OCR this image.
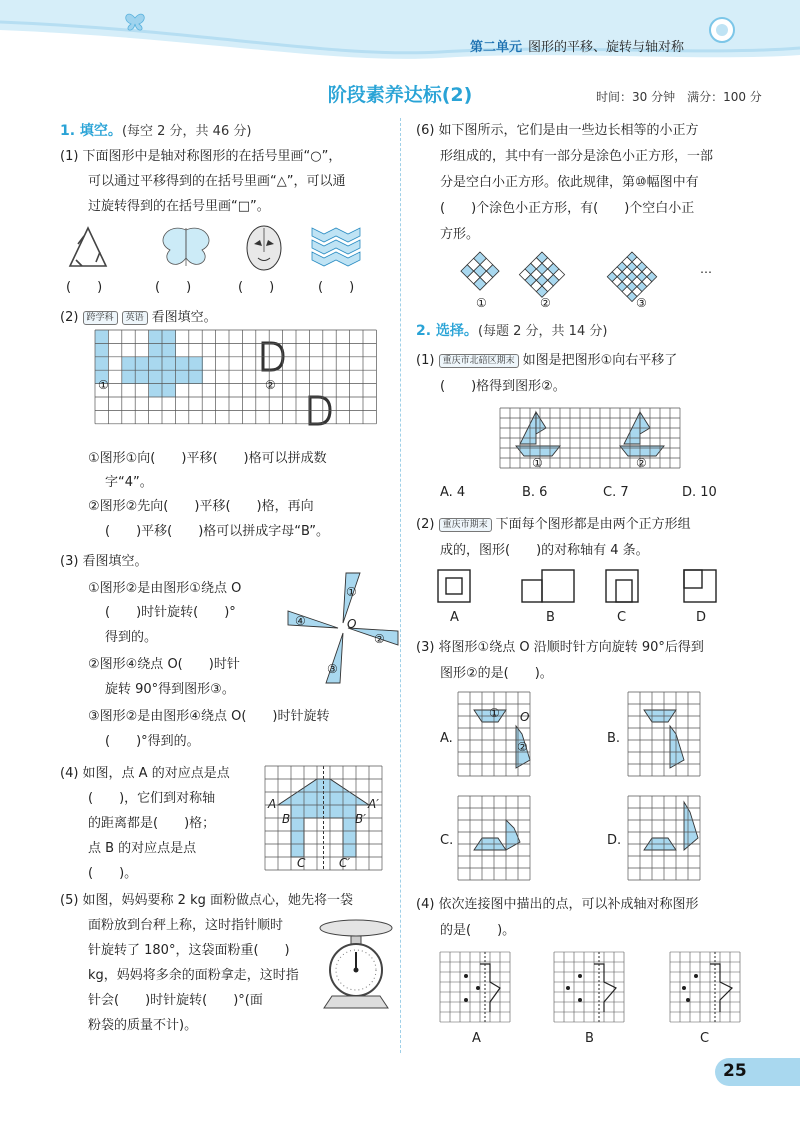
第二单元 图形的平移、旋转与轴对称
阶段素养达标(2)	时间：30 分钟　满分：100 分
1. 填空。(每空 2 分，共 46 分)
(1) 下面图形中是轴对称图形的在括号里画“○”，
可以通过平移得到的在括号里画“△”，可以通
过旋转得到的在括号里画“□”。
(　　)	(　　)	(　　)	(　　)
(2) 跨学科 英语 看图填空。
①	②
①图形①向(　　)平移(　　)格可以拼成数
字“4”。
②图形②先向(　　)平移(　　)格，再向
(　　)平移(　　)格可以拼成字母“B”。
(3) 看图填空。
①图形②是由图形①绕点 O
(　　)时针旋转(　　)°
得到的。
②图形④绕点 O(　　)时针
旋转 90°得到图形③。
③图形②是由图形④绕点 O(　　)时针旋转
(　　)°得到的。
①
②
③
④	O
(4) 如图，点 A 的对应点是点
(　　)，它们到对称轴
的距离都是(　　)格；
点 B 的对应点是点
(　　)。
A	A′
B	B′
C	C′
(5) 如图，妈妈要称 2 kg 面粉做点心，她先将一袋
面粉放到台秤上称，这时指针顺时
针旋转了 180°，这袋面粉重(　　)
kg，妈妈将多余的面粉拿走，这时指
针会(　　)时针旋转(　　)°(面
粉袋的质量不计)。
(6) 如下图所示，它们是由一些边长相等的小正方
形组成的，其中有一部分是涂色小正方形，一部
分是空白小正方形。依此规律，第⑩幅图中有
(　　)个涂色小正方形，有(　　)个空白小正
方形。
①	②	③
…
2. 选择。(每题 2 分，共 14 分)
(1) 重庆市北碚区期末 如图是把图形①向右平移了
(　　)格得到图形②。
①	②
A. 4	B. 6	C. 7	D. 10
(2) 重庆市期末 下面每个图形都是由两个正方形组
成的，图形(　　)的对称轴有 4 条。
A	B	C	D
(3) 将图形①绕点 O 沿顺时针方向旋转 90°后得到
图形②的是(　　)。
A.	B.
C.	D.
①
②
O
(4) 依次连接图中描出的点，可以补成轴对称图形
的是(　　)。
A	B	C
25
